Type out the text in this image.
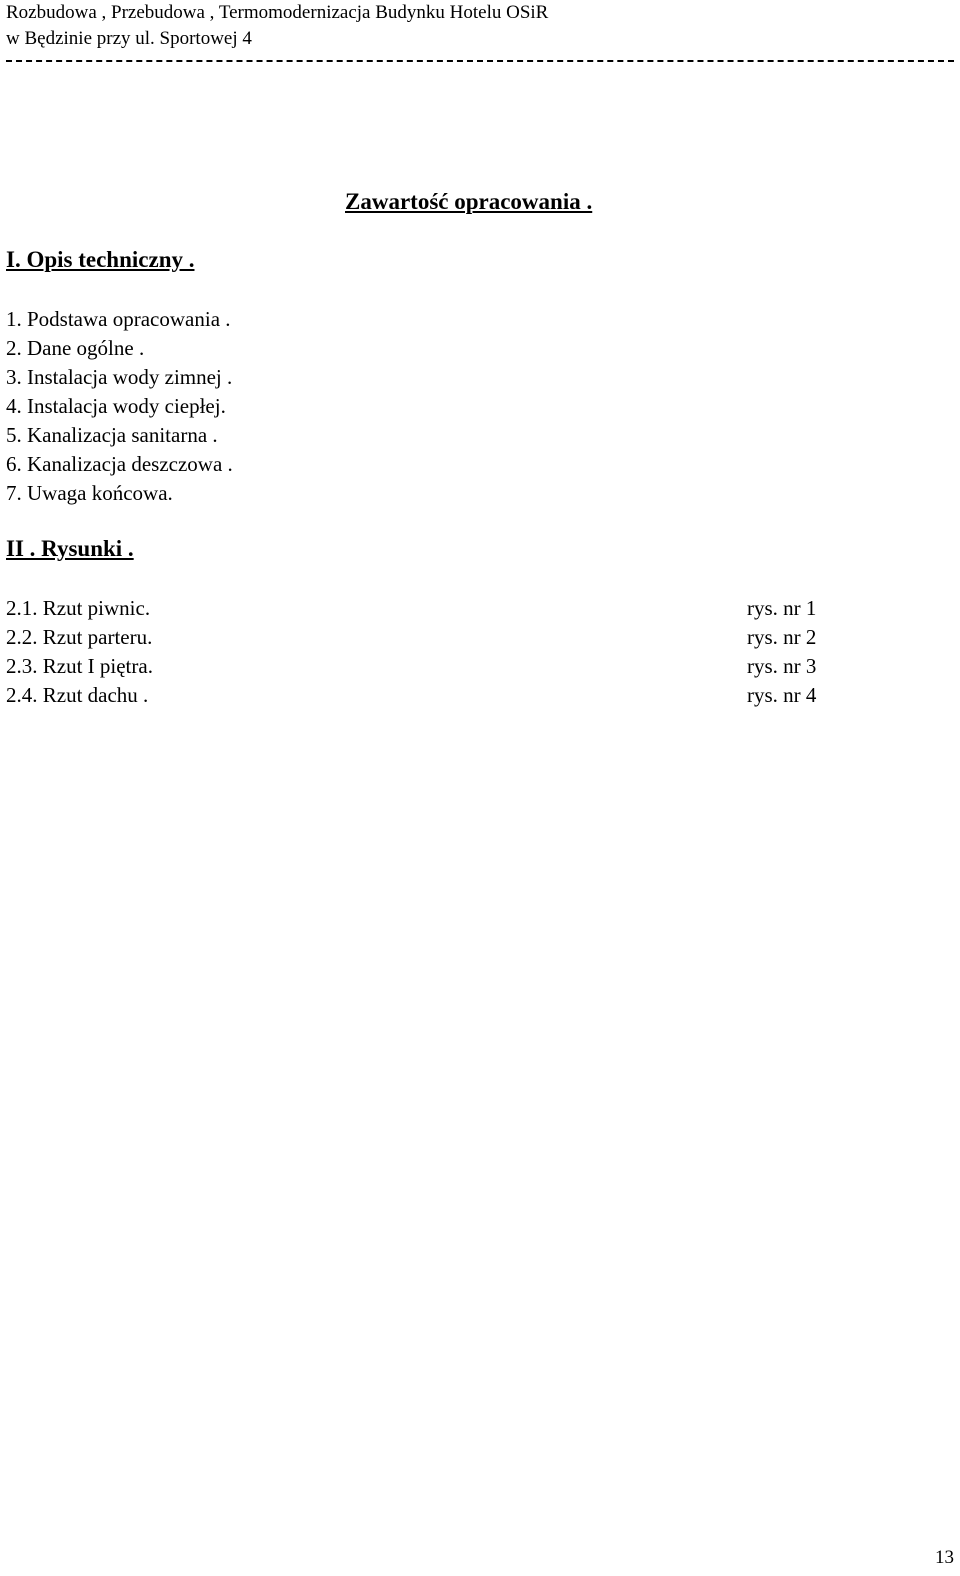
Rozbudowa , Przebudowa , Termomodernizacja Budynku Hotelu OSiR
w Będzinie przy ul. Sportowej 4
Zawartość opracowania .
I. Opis techniczny .
1. Podstawa opracowania .
2. Dane ogólne .
3. Instalacja wody zimnej .
4. Instalacja wody ciepłej.
5. Kanalizacja sanitarna .
6. Kanalizacja deszczowa .
7. Uwaga końcowa.
II . Rysunki .
2.1. Rzut piwnic.	rys. nr 1
2.2. Rzut parteru.	rys. nr 2
2.3. Rzut I piętra.	rys. nr 3
2.4. Rzut dachu .	rys. nr 4
13
